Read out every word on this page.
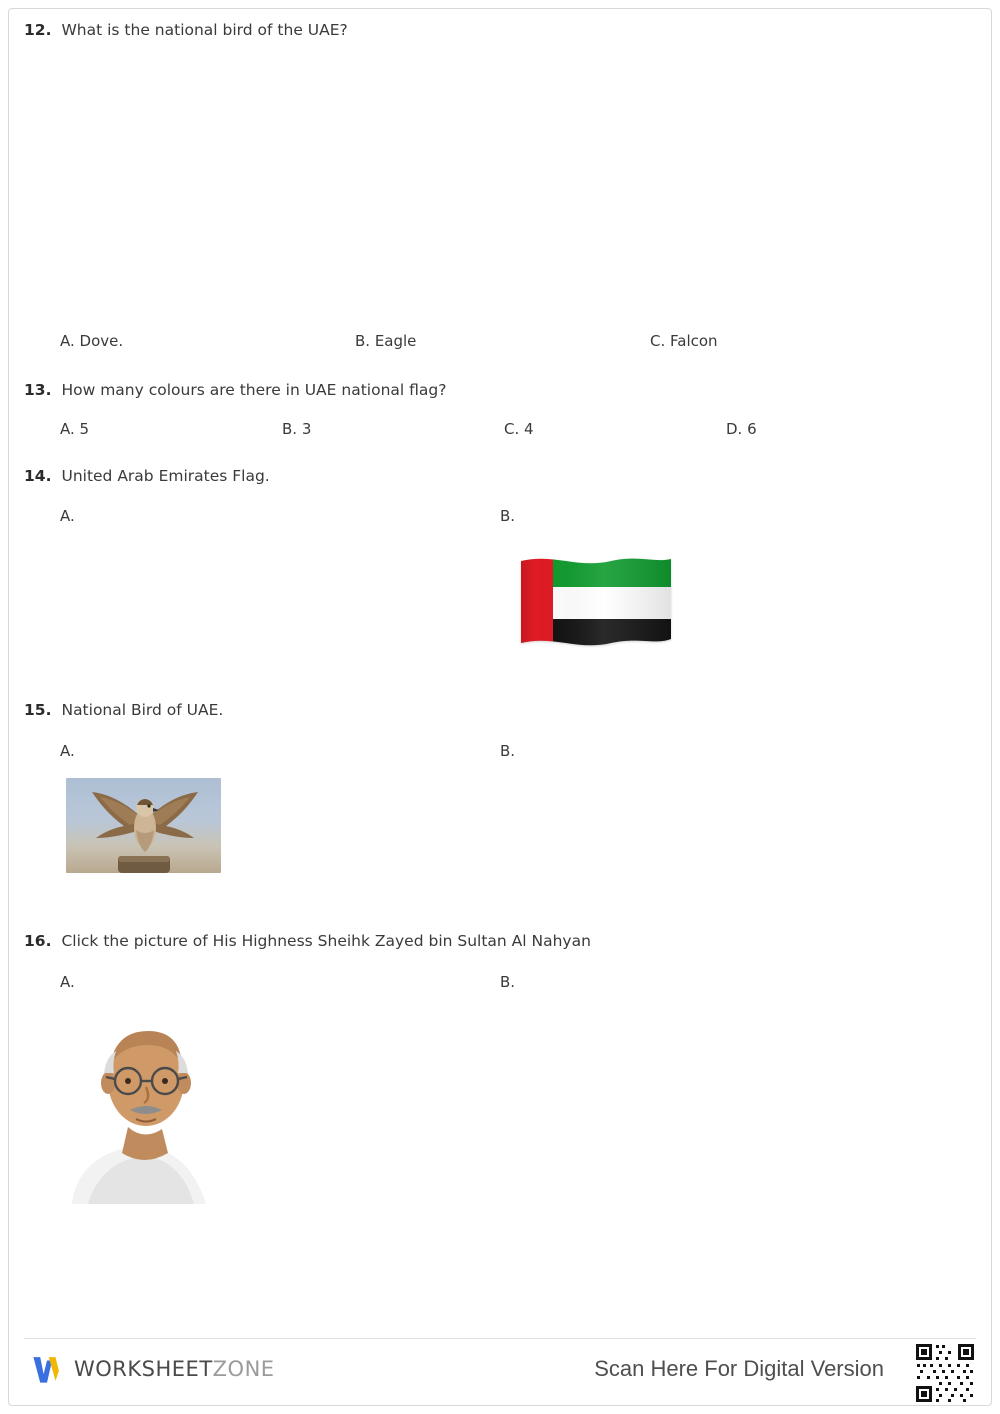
12. What is the national bird of the UAE?
A. Dove.	B. Eagle	C. Falcon
13. How many colours are there in UAE national flag?
A. 5	B. 3	C. 4	D. 6
14. United Arab Emirates Flag.
A.	B.
15. National Bird of UAE.
A.	B.
16. Click the picture of His Highness Sheihk Zayed bin Sultan Al Nahyan
A.	B.
WORKSHEETZONE	Scan Here For Digital Version
